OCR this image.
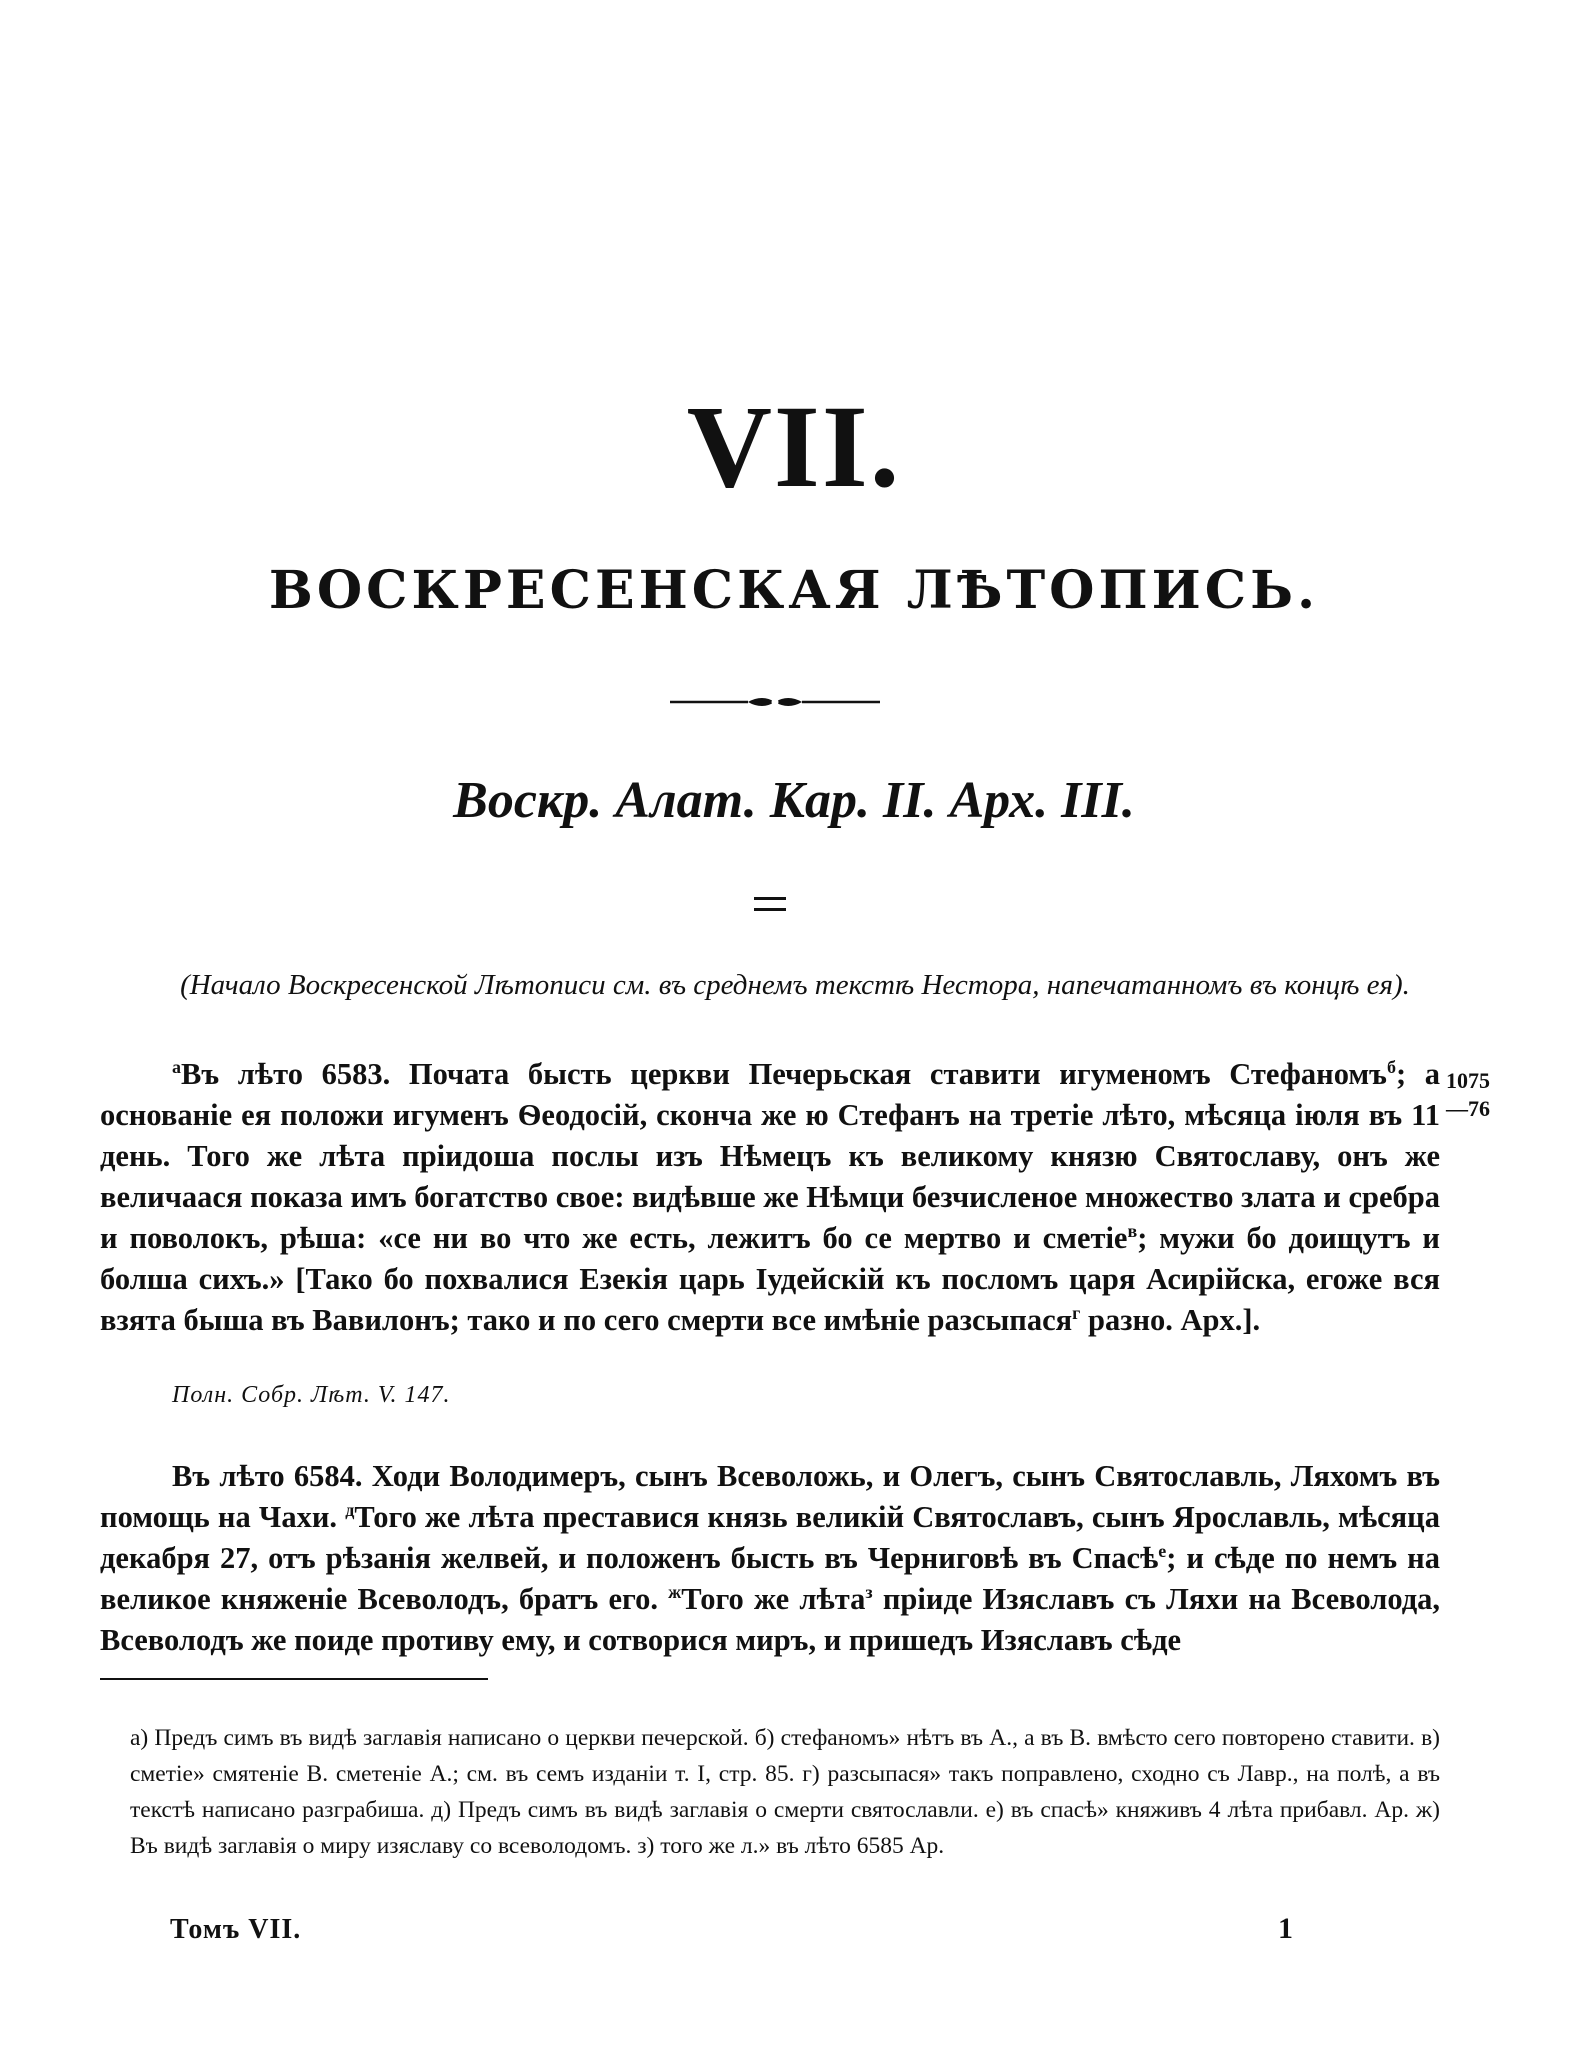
VII.
ВОСКРЕСЕНСКАЯ ЛѢТОПИСЬ.
Воскр. Алат. Кар. II. Арх. III.
(Начало Воскресенской Лѣтописи см. въ среднемъ текстѣ Нестора, напечатанномъ въ концѣ ея).
$^а$Въ лѣто 6583. Почата бысть церкви Печерьская ставити игуменомъ Стефаномъ$^б$; а основаніе ея положи игуменъ Ѳеодосій, сконча же ю Стефанъ на третіе лѣто, мѣсяца іюля въ 11 день. Того же лѣта пріидоша послы изъ Нѣмецъ къ великому князю Святославу, онъ же величаася показа имъ богатство свое: видѣвше же Нѣмци безчисленое множество злата и сребра и поволокъ, рѣша: «се ни во что же есть, лежитъ бо се мертво и сметіе$^в$; мужи бо доищутъ и болша сихъ.» [Тако бо похвалися Езекія царь Іудейскій къ посломъ царя Асирійска, егоже вся взята быша въ Вавилонъ; тако и по сего смерти все имѣніе разсыпася$^г$ разно. Арх.].
1075
—76
Полн. Собр. Лѣт. V. 147.
Въ лѣто 6584. Ходи Володимеръ, сынъ Всеволожь, и Олегъ, сынъ Святославль, Ляхомъ въ помощь на Чахи. $^д$Того же лѣта преставися князь великій Святославъ, сынъ Ярославль, мѣсяца декабря 27, отъ рѣзанія желвей, и положенъ бысть въ Черниговѣ въ Спасѣ$^е$; и сѣде по немъ на великое княженіе Всеволодъ, братъ его. $^ж$Того же лѣта$^з$ пріиде Изяславъ съ Ляхи на Всеволода, Всеволодъ же поиде противу ему, и сотворися миръ, и пришедъ Изяславъ сѣде
а) Предъ симъ въ видѣ заглавія написано о церкви печерской. б) стефаномъ» нѣтъ въ А., а въ В. вмѣсто сего повторено ставити. в) сметіе» смятеніе В. сметеніе А.; см. въ семъ изданіи т. I, стр. 85. г) разсыпася» такъ поправлено, сходно съ Лавр., на полѣ, а въ текстѣ написано разграбиша. д) Предъ симъ въ видѣ заглавія о смерти святославли. е) въ спасѣ» княживъ 4 лѣта прибавл. Ар. ж) Въ видѣ заглавія о миру изяславу со всеволодомъ. з) того же л.» въ лѣто 6585 Ар.
Томъ VII.	1
